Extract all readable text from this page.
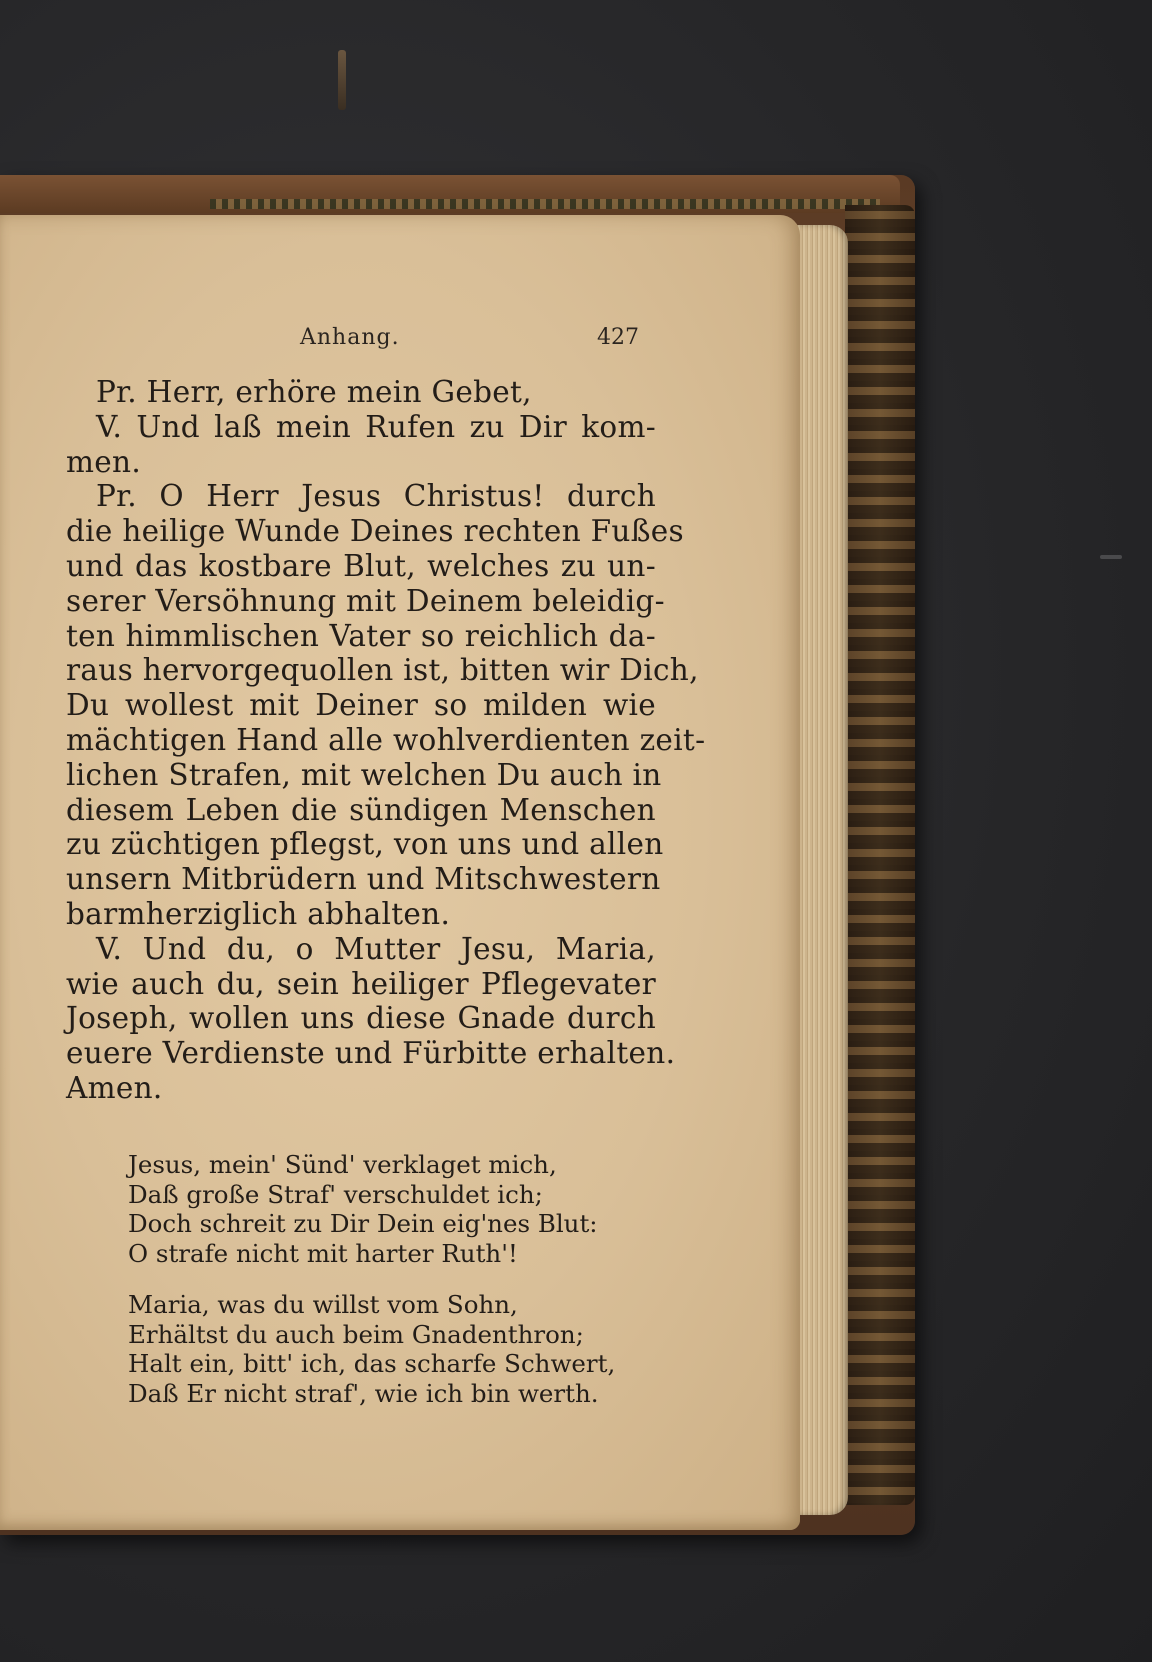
Anhang.	427
Pr. Herr, erhöre mein Gebet,
V. Und laß mein Rufen zu Dir kom-
men.
Pr. O Herr Jesus Christus! durch
die heilige Wunde Deines rechten Fußes
und das kostbare Blut, welches zu un-
serer Versöhnung mit Deinem beleidig-
ten himmlischen Vater so reichlich da-
raus hervorgequollen ist, bitten wir Dich,
Du wollest mit Deiner so milden wie
mächtigen Hand alle wohlverdienten zeit-
lichen Strafen, mit welchen Du auch in
diesem Leben die sündigen Menschen
zu züchtigen pflegst, von uns und allen
unsern Mitbrüdern und Mitschwestern
barmherziglich abhalten.
V. Und du, o Mutter Jesu, Maria,
wie auch du, sein heiliger Pflegevater
Joseph, wollen uns diese Gnade durch
euere Verdienste und Fürbitte erhalten.
Amen.
Jesus, mein' Sünd' verklaget mich,
Daß große Straf' verschuldet ich;
Doch schreit zu Dir Dein eig'nes Blut:
O strafe nicht mit harter Ruth'!
Maria, was du willst vom Sohn,
Erhältst du auch beim Gnadenthron;
Halt ein, bitt' ich, das scharfe Schwert,
Daß Er nicht straf', wie ich bin werth.
